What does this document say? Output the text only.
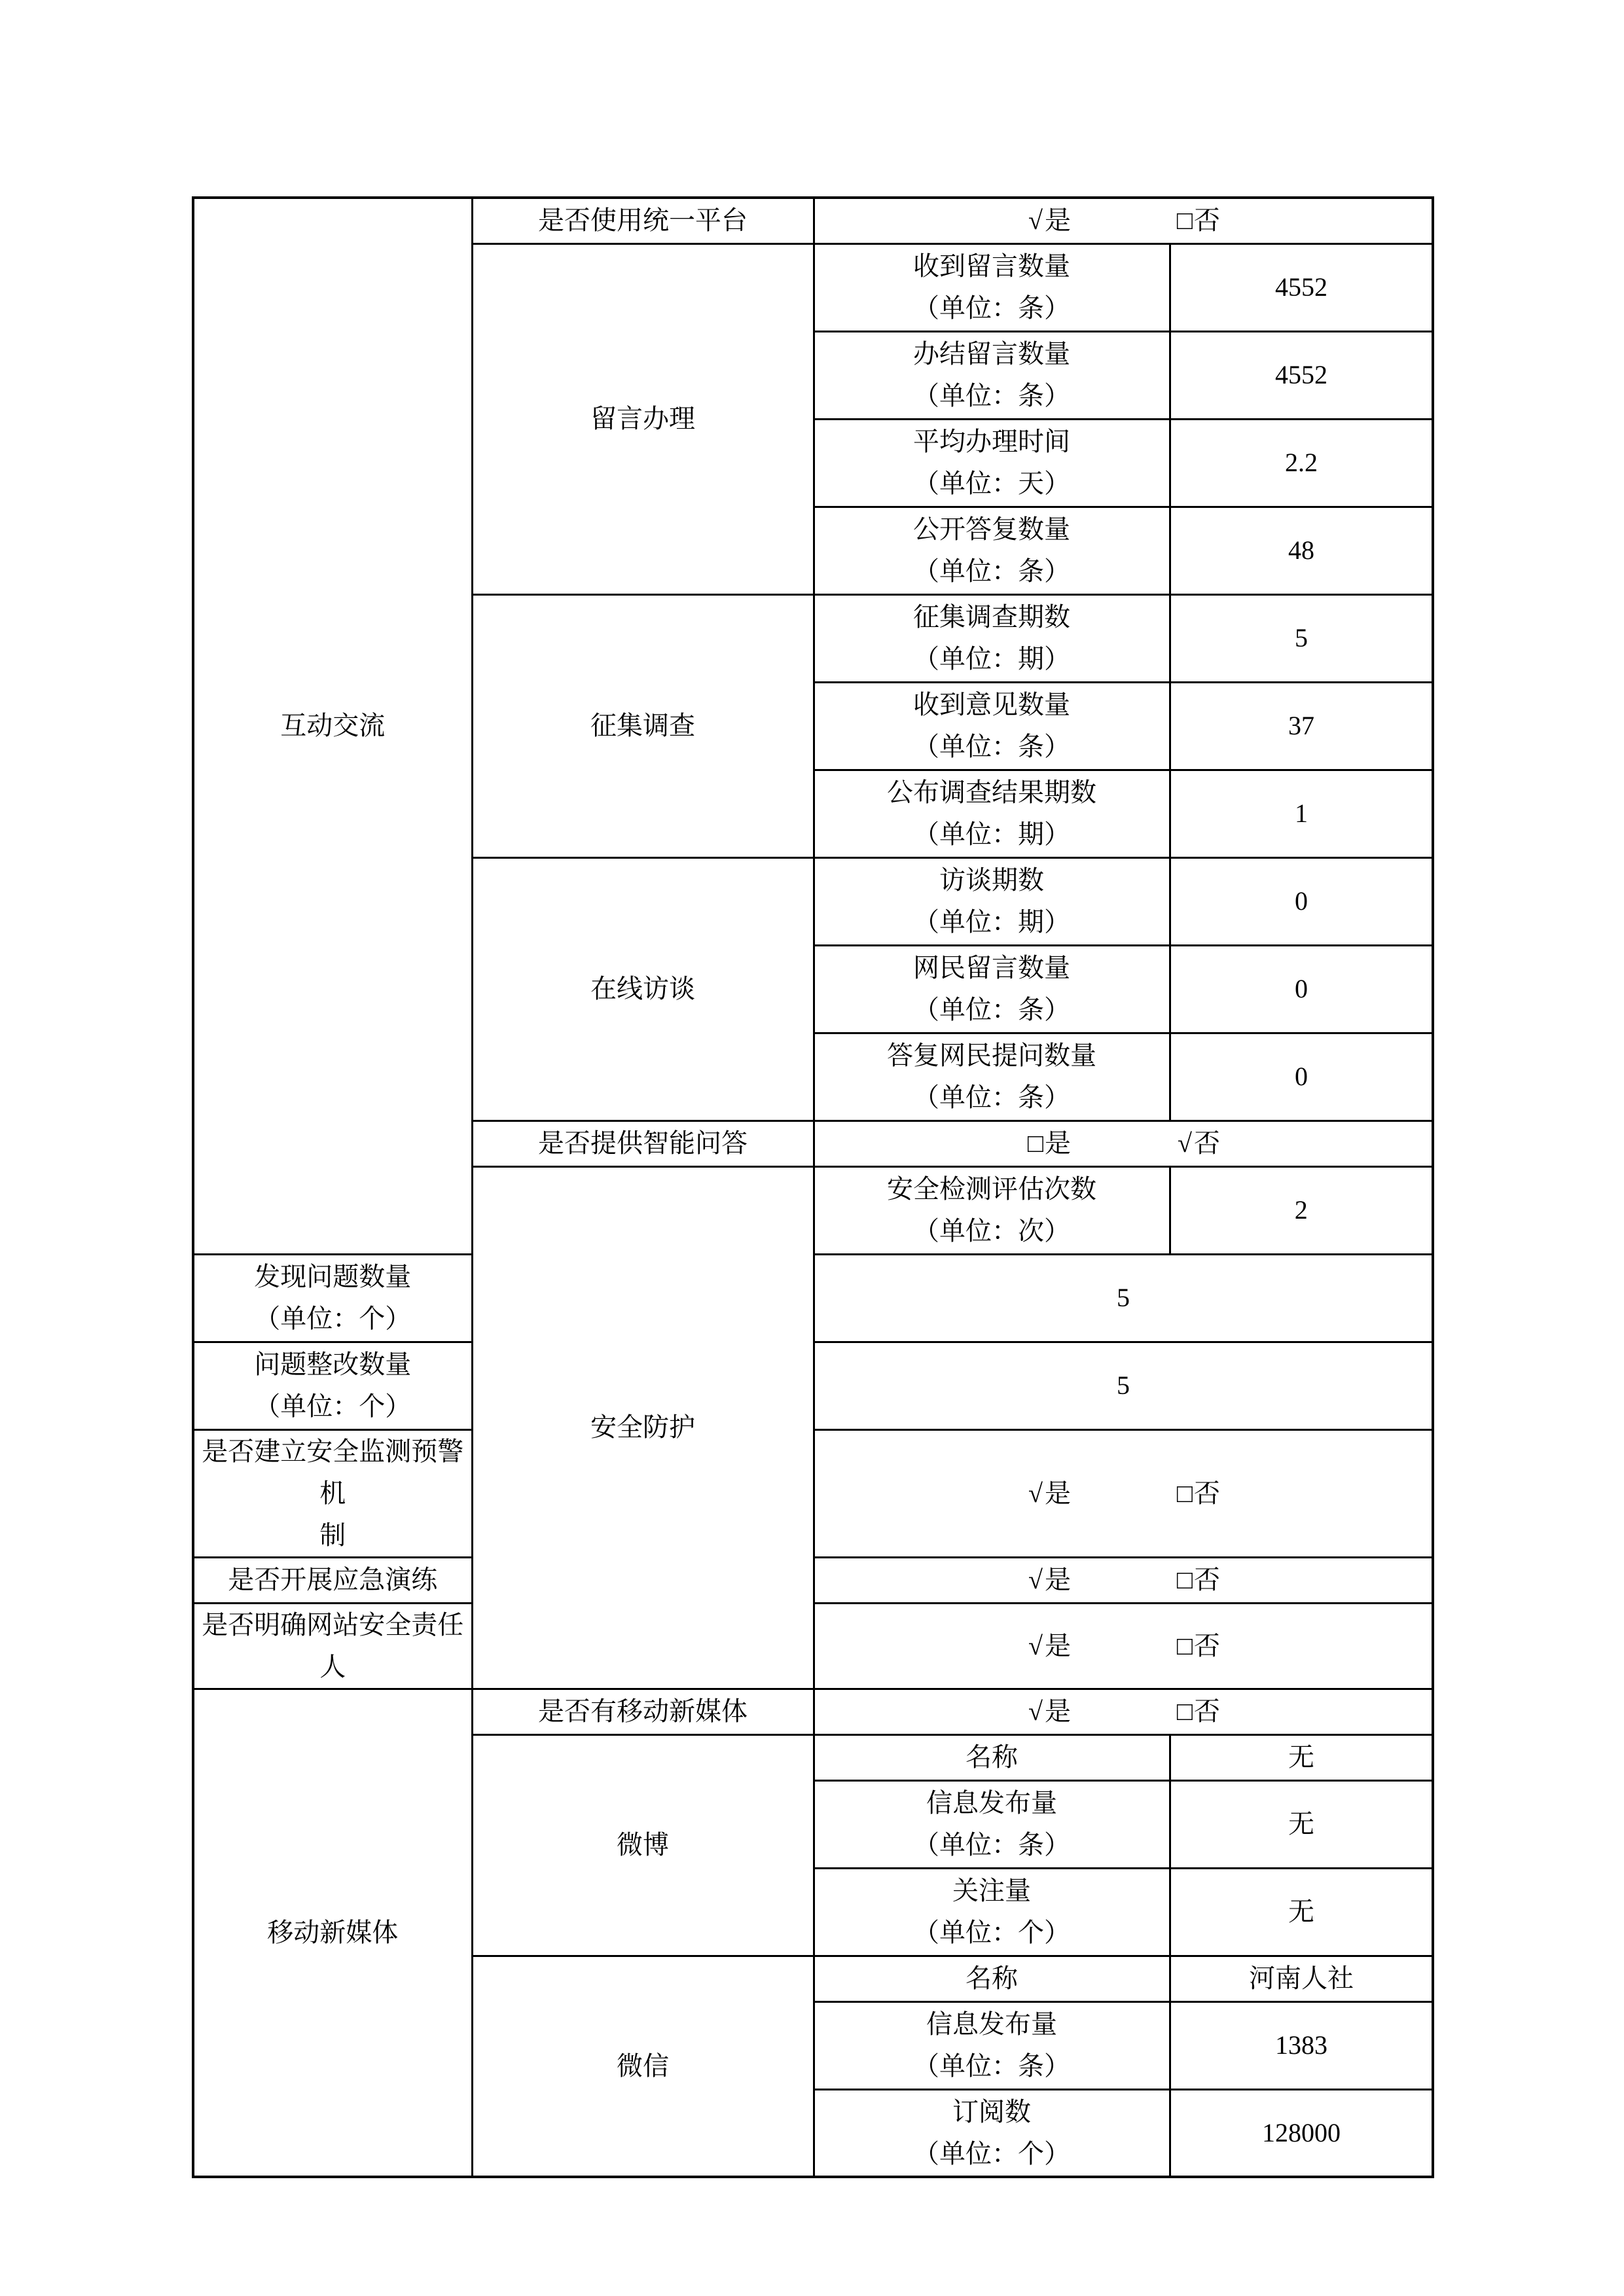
互动交流	是否使用统一平台	√是 □否	
	留言办理	收到留言数量
（单位：条）	4552

		办结留言数量
（单位：条）	4552

		平均办理时间
（单位：天）	2.2

		公开答复数量
（单位：条）	48
	征集调查	征集调查期数
（单位：期）	5

		收到意见数量
（单位：条）	37

		公布调查结果期数
（单位：期）	1
	在线访谈	访谈期数
（单位：期）	0

		网民留言数量
（单位：条）	0

		答复网民提问数量
（单位：条）	0
	是否提供智能问答	□是 √否	
	安全防护	安全检测评估次数
（单位：次）	2

发现问题数量
（单位：个）		5	

问题整改数量
（单位：个）		5	

是否建立安全监测预警机
制		√是 □否	
是否开展应急演练		√是 □否	
是否明确网站安全责任人		√是 □否	
移动新媒体	是否有移动新媒体	√是 □否	
	微博	名称	无

		信息发布量
（单位：条）	无

		关注量
（单位：个）	无
	微信	名称	河南人社

		信息发布量
（单位：条）	1383

		订阅数
（单位：个）	128000
